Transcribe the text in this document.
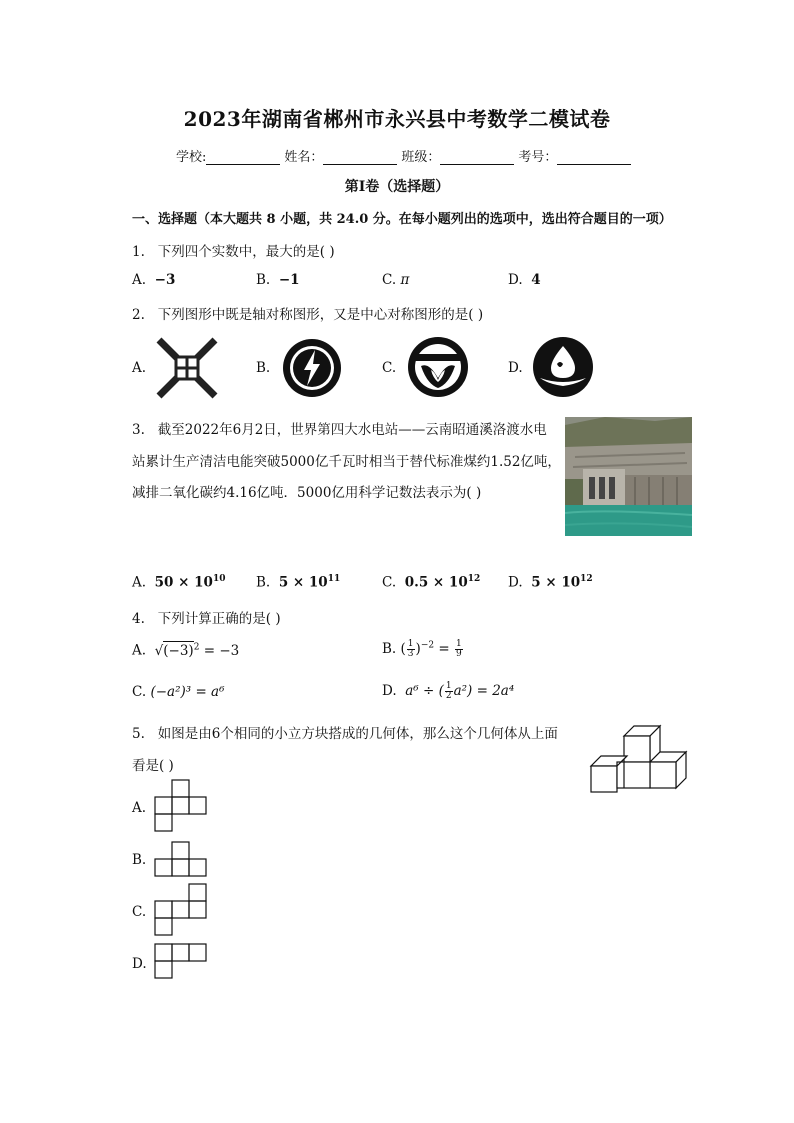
2023年湖南省郴州市永兴县中考数学二模试卷
学校:	姓名：	班级：	考号：
第Ⅰ卷（选择题）
一、选择题（本大题共 8 小题，共 24.0 分。在每小题列出的选项中，选出符合题目的一项）
1. 下列四个实数中，最大的是( )
A. −3	B. −1	C. π	D. 4
2. 下列图形中既是轴对称图形，又是中心对称图形的是( )
A.	B.	C.	D.
3. 截至2022年6月2日，世界第四大水电站——云南昭通溪洛渡水电
站累计生产清洁电能突破5000亿千瓦时相当于替代标准煤约1.52亿吨，
减排二氧化碳约4.16亿吨．5000亿用科学记数法表示为( )
A. $50 \times 10^{10}$ B. $5 \times 10^{11}$	C. $0.5 \times 10^{12}$ D. $5 \times 10^{12}$
4. 下列计算正确的是( )
A. $√(-3)^2 = -3$	B. ( $\frac{1}{3} )^{-2} = \frac{1}{9}$
C. (−a²)³ = a⁶	D. a⁶ ÷ ( $\frac{1}{2} a^2) = 2a^4$
5. 如图是由6个相同的小立方块搭成的几何体，那么这个几何体从上面
看是( )
A.
B.
C.
D.
